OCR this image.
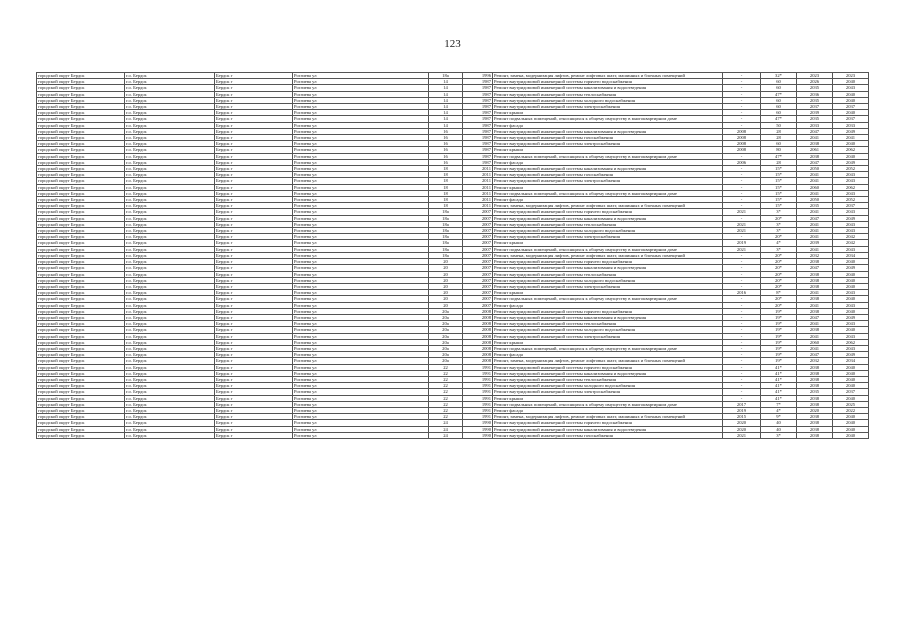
123
городской округ Бердск	г.о. Бердск	Бердск г	Рогачева ул	18а	1996	Ремонт, замена, модернизация лифтов, ремонт лифтовых шахт, машинных и блочных помещений	-	32*	2023	2023
городской округ Бердск	г.о. Бердск	Бердск г	Рогачева ул	14	1987	Ремонт внутридомовой инженерной системы горячего водоснабжения	-	60	2026	2040
городской округ Бердск	г.о. Бердск	Бердск г	Рогачева ул	14	1987	Ремонт внутридомовой инженерной системы канализования и водоотведения	-	60	2035	2043
городской округ Бердск	г.о. Бердск	Бердск г	Рогачева ул	14	1987	Ремонт внутридомовой инженерной системы теплоснабжения	-	47*	2036	2040
городской округ Бердск	г.о. Бердск	Бердск г	Рогачева ул	14	1987	Ремонт внутридомовой инженерной системы холодного водоснабжения	-	60	2035	2040
городской округ Бердск	г.о. Бердск	Бердск г	Рогачева ул	14	1987	Ремонт внутридомовой инженерной системы электроснабжения	-	60	2037	2037
городской округ Бердск	г.о. Бердск	Бердск г	Рогачева ул	14	1987	Ремонт крыши	-	60	2039	2040
городской округ Бердск	г.о. Бердск	Бердск г	Рогачева ул	14	1987	Ремонт подвальных помещений, относящихся к общему имуществу в многоквартирном доме	-	47*	2035	2037
городской округ Бердск	г.о. Бердск	Бердск г	Рогачева ул	14	1987	Ремонт фасада	-	50	2033	2033
городской округ Бердск	г.о. Бердск	Бердск г	Рогачева ул	16	1987	Ремонт внутридомовой инженерной системы канализования и водоотведения	2008	28	2047	2049
городской округ Бердск	г.о. Бердск	Бердск г	Рогачева ул	16	1987	Ремонт внутридомовой инженерной системы газоснабжения	2008	28	2041	2041
городской округ Бердск	г.о. Бердск	Бердск г	Рогачева ул	16	1987	Ремонт внутридомовой инженерной системы электроснабжения	2008	60	2038	2040
городской округ Бердск	г.о. Бердск	Бердск г	Рогачева ул	16	1987	Ремонт крыши	2008	80	2061	2062
городской округ Бердск	г.о. Бердск	Бердск г	Рогачева ул	16	1987	Ремонт подвальных помещений, относящихся к общему имуществу в многоквартирном доме	-	47*	2038	2040
городской округ Бердск	г.о. Бердск	Бердск г	Рогачева ул	16	1987	Ремонт фасада	2006	28	2047	2049
городской округ Бердск	г.о. Бердск	Бердск г	Рогачева ул	18	2011	Ремонт внутридомовой инженерной системы канализования и водоотведения	-	15*	2050	2052
городской округ Бердск	г.о. Бердск	Бердск г	Рогачева ул	18	2011	Ремонт внутридомовой инженерной системы газоснабжения	-	15*	2041	2043
городской округ Бердск	г.о. Бердск	Бердск г	Рогачева ул	18	2011	Ремонт внутридомовой инженерной системы электроснабжения	-	15*	2041	2043
городской округ Бердск	г.о. Бердск	Бердск г	Рогачева ул	18	2011	Ремонт крыши	-	15*	2060	2062
городской округ Бердск	г.о. Бердск	Бердск г	Рогачева ул	18	2011	Ремонт подвальных помещений, относящихся к общему имуществу в многоквартирном доме	-	15*	2041	2043
городской округ Бердск	г.о. Бердск	Бердск г	Рогачева ул	18	2011	Ремонт фасада	-	15*	2050	2052
городской округ Бердск	г.о. Бердск	Бердск г	Рогачева ул	18	2011	Ремонт, замена, модернизация лифтов, ремонт лифтовых шахт, машинных и блочных помещений	-	15*	2035	2037
городской округ Бердск	г.о. Бердск	Бердск г	Рогачева ул	18а	2007	Ремонт внутридомовой инженерной системы горячего водоснабжения	2021	3*	2041	2043
городской округ Бердск	г.о. Бердск	Бердск г	Рогачева ул	18а	2007	Ремонт внутридомовой инженерной системы канализования и водоотведения	-	20*	2047	2049
городской округ Бердск	г.о. Бердск	Бердск г	Рогачева ул	18а	2007	Ремонт внутридомовой инженерной системы теплоснабжения	2021	3*	2041	2043
городской округ Бердск	г.о. Бердск	Бердск г	Рогачева ул	18а	2007	Ремонт внутридомовой инженерной системы холодного водоснабжения	2021	3*	2041	2043
городской округ Бердск	г.о. Бердск	Бердск г	Рогачева ул	18а	2007	Ремонт внутридомовой инженерной системы электроснабжения	-	20*	2041	2042
городской округ Бердск	г.о. Бердск	Бердск г	Рогачева ул	18а	2007	Ремонт крыши	2019	4*	2039	2042
городской округ Бердск	г.о. Бердск	Бердск г	Рогачева ул	18а	2007	Ремонт подвальных помещений, относящихся к общему имуществу в многоквартирном доме	2021	3*	2041	2043
городской округ Бердск	г.о. Бердск	Бердск г	Рогачева ул	18а	2007	Ремонт, замена, модернизация лифтов, ремонт лифтовых шахт, машинных и блочных помещений	-	20*	2032	2034
городской округ Бердск	г.о. Бердск	Бердск г	Рогачева ул	20	2007	Ремонт внутридомовой инженерной системы горячего водоснабжения	-	20*	2038	2040
городской округ Бердск	г.о. Бердск	Бердск г	Рогачева ул	20	2007	Ремонт внутридомовой инженерной системы канализования и водоотведения	-	20*	2047	2049
городской округ Бердск	г.о. Бердск	Бердск г	Рогачева ул	20	2007	Ремонт внутридомовой инженерной системы теплоснабжения	-	20*	2038	2040
городской округ Бердск	г.о. Бердск	Бердск г	Рогачева ул	20	2007	Ремонт внутридомовой инженерной системы холодного водоснабжения	-	20*	2038	2040
городской округ Бердск	г.о. Бердск	Бердск г	Рогачева ул	20	2007	Ремонт внутридомовой инженерной системы электроснабжения	-	20*	2038	2040
городской округ Бердск	г.о. Бердск	Бердск г	Рогачева ул	20	2007	Ремонт крыши	2016	8*	2041	2043
городской округ Бердск	г.о. Бердск	Бердск г	Рогачева ул	20	2007	Ремонт подвальных помещений, относящихся к общему имуществу в многоквартирном доме	-	20*	2038	2040
городской округ Бердск	г.о. Бердск	Бердск г	Рогачева ул	20	2007	Ремонт фасада	-	20*	2041	2043
городской округ Бердск	г.о. Бердск	Бердск г	Рогачева ул	20а	2008	Ремонт внутридомовой инженерной системы горячего водоснабжения	-	19*	2038	2040
городской округ Бердск	г.о. Бердск	Бердск г	Рогачева ул	20а	2008	Ремонт внутридомовой инженерной системы канализования и водоотведения	-	19*	2047	2049
городской округ Бердск	г.о. Бердск	Бердск г	Рогачева ул	20а	2008	Ремонт внутридомовой инженерной системы теплоснабжения	-	19*	2041	2043
городской округ Бердск	г.о. Бердск	Бердск г	Рогачева ул	20а	2008	Ремонт внутридомовой инженерной системы холодного водоснабжения	-	19*	2038	2040
городской округ Бердск	г.о. Бердск	Бердск г	Рогачева ул	20а	2008	Ремонт внутридомовой инженерной системы электроснабжения	-	19*	2041	2043
городской округ Бердск	г.о. Бердск	Бердск г	Рогачева ул	20а	2008	Ремонт крыши	-	19*	2060	2062
городской округ Бердск	г.о. Бердск	Бердск г	Рогачева ул	20а	2008	Ремонт подвальных помещений, относящихся к общему имуществу в многоквартирном доме	-	19*	2041	2043
городской округ Бердск	г.о. Бердск	Бердск г	Рогачева ул	20а	2008	Ремонт фасада	-	19*	2047	2049
городской округ Бердск	г.о. Бердск	Бердск г	Рогачева ул	20а	2008	Ремонт, замена, модернизация лифтов, ремонт лифтовых шахт, машинных и блочных помещений	-	19*	2032	2034
городской округ Бердск	г.о. Бердск	Бердск г	Рогачева ул	22	1991	Ремонт внутридомовой инженерной системы горячего водоснабжения	-	41*	2038	2040
городской округ Бердск	г.о. Бердск	Бердск г	Рогачева ул	22	1991	Ремонт внутридомовой инженерной системы канализования и водоотведения	-	41*	2038	2040
городской округ Бердск	г.о. Бердск	Бердск г	Рогачева ул	22	1991	Ремонт внутридомовой инженерной системы теплоснабжения	-	41*	2038	2040
городской округ Бердск	г.о. Бердск	Бердск г	Рогачева ул	22	1991	Ремонт внутридомовой инженерной системы холодного водоснабжения	-	41*	2038	2040
городской округ Бердск	г.о. Бердск	Бердск г	Рогачева ул	22	1991	Ремонт внутридомовой инженерной системы электроснабжения	-	41*	2035	2037
городской округ Бердск	г.о. Бердск	Бердск г	Рогачева ул	22	1991	Ремонт крыши	-	41*	2038	2040
городской округ Бердск	г.о. Бердск	Бердск г	Рогачева ул	22	1991	Ремонт подвальных помещений, относящихся к общему имуществу в многоквартирном доме	2017	7*	2038	2025
городской округ Бердск	г.о. Бердск	Бердск г	Рогачева ул	22	1991	Ремонт фасада	2019	4*	2020	2022
городской округ Бердск	г.о. Бердск	Бердск г	Рогачева ул	22	1991	Ремонт, замена, модернизация лифтов, ремонт лифтовых шахт, машинных и блочных помещений	2015	9*	2038	2040
городской округ Бердск	г.о. Бердск	Бердск г	Рогачева ул	24	1990	Ремонт внутридомовой инженерной системы горячего водоснабжения	2020	40	2038	2040
городской округ Бердск	г.о. Бердск	Бердск г	Рогачева ул	24	1990	Ремонт внутридомовой инженерной системы канализования и водоотведения	2020	40	2038	2040
городской округ Бердск	г.о. Бердск	Бердск г	Рогачева ул	24	1990	Ремонт внутридомовой инженерной системы газоснабжения	2021	3*	2038	2040
